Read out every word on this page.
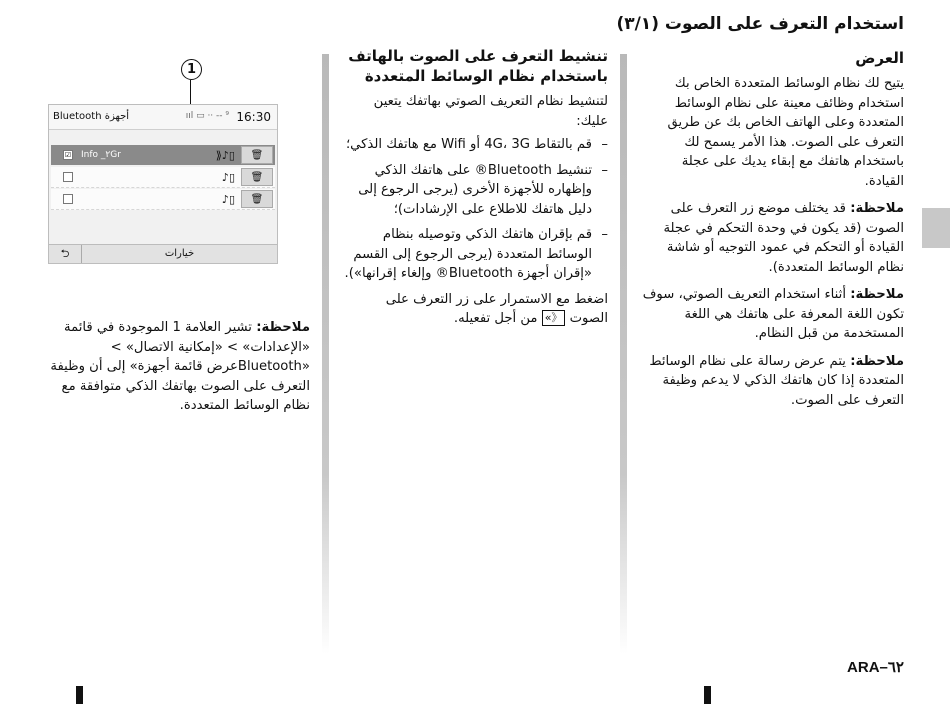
استخدام التعرف على الصوت (٣/١)
العرض

يتيح لك نظام الوسائط المتعددة الخاص بك استخدام وظائف معينة على نظام الوسائط المتعددة وعلى الهاتف الخاص بك عن طريق التعرف على الصوت. هذا الأمر يسمح لك باستخدام هاتفك مع إبقاء يديك على عجلة القيادة.

ملاحظة: قد يختلف موضع زر التعرف على الصوت (قد يكون في وحدة التحكم في عجلة القيادة أو التحكم في عمود التوجيه أو شاشة نظام الوسائط المتعددة).

ملاحظة: أثناء استخدام التعريف الصوتي، سوف تكون اللغة المعرفة على هاتفك هي اللغة المستخدمة من قبل النظام.

ملاحظة: يتم عرض رسالة على نظام الوسائط المتعددة إذا كان هاتفك الذكي لا يدعم وظيفة التعرف على الصوت.

تنشيط التعرف على الصوت بالهاتف باستخدام نظام الوسائط المتعددة

لتنشيط نظام التعريف الصوتي بهاتفك يتعين عليك:

– قم بالتقاط 4G، 3G أو Wifi مع هاتفك الذكي؛
– تنشيط Bluetooth® على هاتفك الذكي وإظهاره للأجهزة الأخرى (يرجى الرجوع إلى دليل هاتفك للاطلاع على الإرشادات)؛
– قم بإقران هاتفك الذكي وتوصيله بنظام الوسائط المتعددة (يرجى الرجوع إلى القسم «إقران أجهزة Bluetooth® وإلغاء إقرانها»).

اضغط مع الاستمرار على زر التعرف على الصوت 《» من أجل تفعيله.

1
أجهزة Bluetooth	ııl ▭ ·· -- ⁹ 16:30
☑ Info _٢Gr	⟫♪▯	🗑
♪▯	🗑
♪▯	🗑
⮌	خيارات

ملاحظة: تشير العلامة 1 الموجودة في قائمة «الإعدادات» > «إمكانية الاتصال» > «Bluetoothعرض قائمة أجهزة» إلى أن وظيفة التعرف على الصوت بهاتفك الذكي متوافقة مع نظام الوسائط المتعددة.

ARA–٦٢
